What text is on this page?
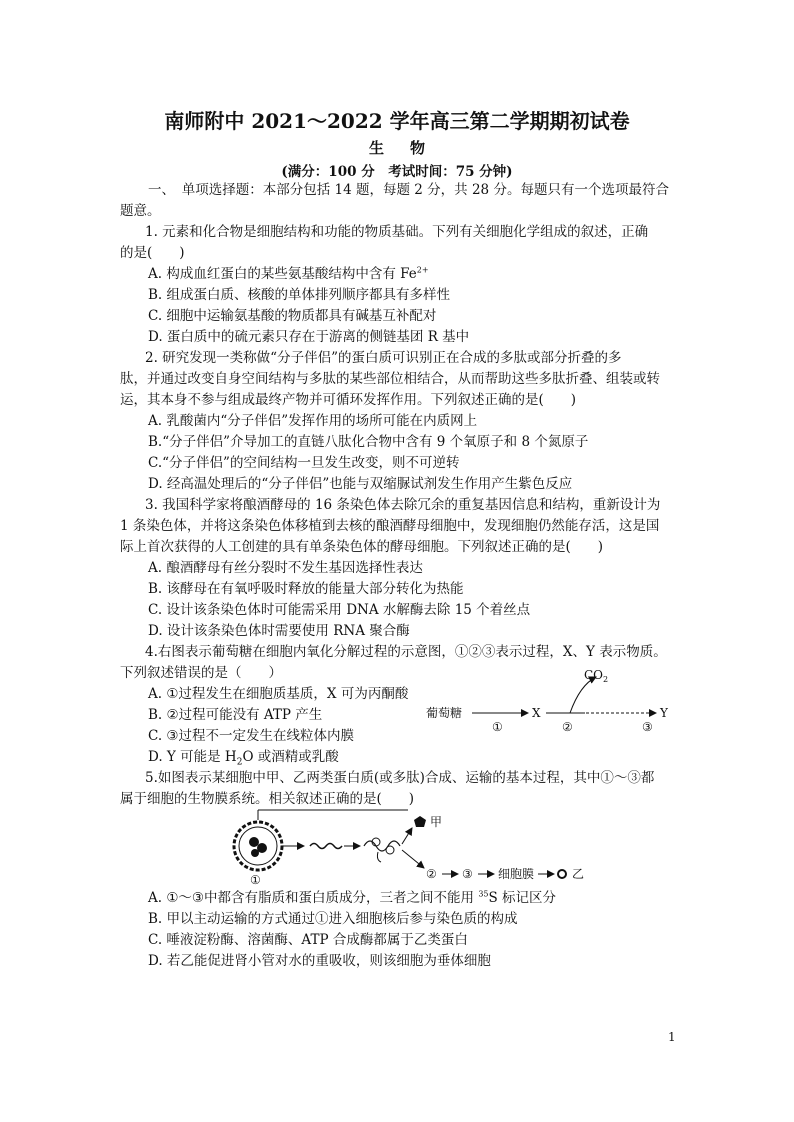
南师附中 2021～2022 学年高三第二学期期初试卷
生物
(满分：100 分　考试时间：75 分钟)
一、　单项选择题：本部分包括 14 题，每题 2 分，共 28 分。每题只有一个选项最符合
题意。
1. 元素和化合物是细胞结构和功能的物质基础。下列有关细胞化学组成的叙述，正确
的是(　　)
A. 构成血红蛋白的某些氨基酸结构中含有 $Fe^{2+}$
B. 组成蛋白质、核酸的单体排列顺序都具有多样性
C. 细胞中运输氨基酸的物质都具有碱基互补配对
D. 蛋白质中的硫元素只存在于游离的侧链基团 R 基中
2. 研究发现一类称做“分子伴侣”的蛋白质可识别正在合成的多肽或部分折叠的多
肽，并通过改变自身空间结构与多肽的某些部位相结合，从而帮助这些多肽折叠、组装或转
运，其本身不参与组成最终产物并可循环发挥作用。下列叙述正确的是(　　)
A. 乳酸菌内“分子伴侣”发挥作用的场所可能在内质网上
B.“分子伴侣”介导加工的直链八肽化合物中含有 9 个氧原子和 8 个氮原子
C.“分子伴侣”的空间结构一旦发生改变，则不可逆转
D. 经高温处理后的“分子伴侣”也能与双缩脲试剂发生作用产生紫色反应
3. 我国科学家将酿酒酵母的 16 条染色体去除冗余的重复基因信息和结构，重新设计为
1 条染色体，并将这条染色体移植到去核的酿酒酵母细胞中，发现细胞仍然能存活，这是国
际上首次获得的人工创建的具有单条染色体的酵母细胞。下列叙述正确的是(　　)
A. 酿酒酵母有丝分裂时不发生基因选择性表达
B. 该酵母在有氧呼吸时释放的能量大部分转化为热能
C. 设计该条染色体时可能需采用 DNA 水解酶去除 15 个着丝点
D. 设计该条染色体时需要使用 RNA 聚合酶
4.右图表示葡萄糖在细胞内氧化分解过程的示意图，①②③表示过程，X、Y 表示物质。
下列叙述错误的是（　　）
A. ①过程发生在细胞质基质，X 可为丙酮酸
B. ②过程可能没有 ATP 产生
C. ③过程不一定发生在线粒体内膜
D. Y 可能是 $H_2O$ 或酒精或乳酸
葡萄糖
①
X
$CO_2$
②	③
Y
5.如图表示某细胞中甲、乙两类蛋白质(或多肽)合成、运输的基本过程，其中①～③都
属于细胞的生物膜系统。相关叙述正确的是(　　)
①
甲
② ③ 细胞膜	乙
A. ①～③中都含有脂质和蛋白质成分，三者之间不能用 $^{35}$S 标记区分
B. 甲以主动运输的方式通过①进入细胞核后参与染色质的构成
C. 唾液淀粉酶、溶菌酶、ATP 合成酶都属于乙类蛋白
D. 若乙能促进肾小管对水的重吸收，则该细胞为垂体细胞
1
